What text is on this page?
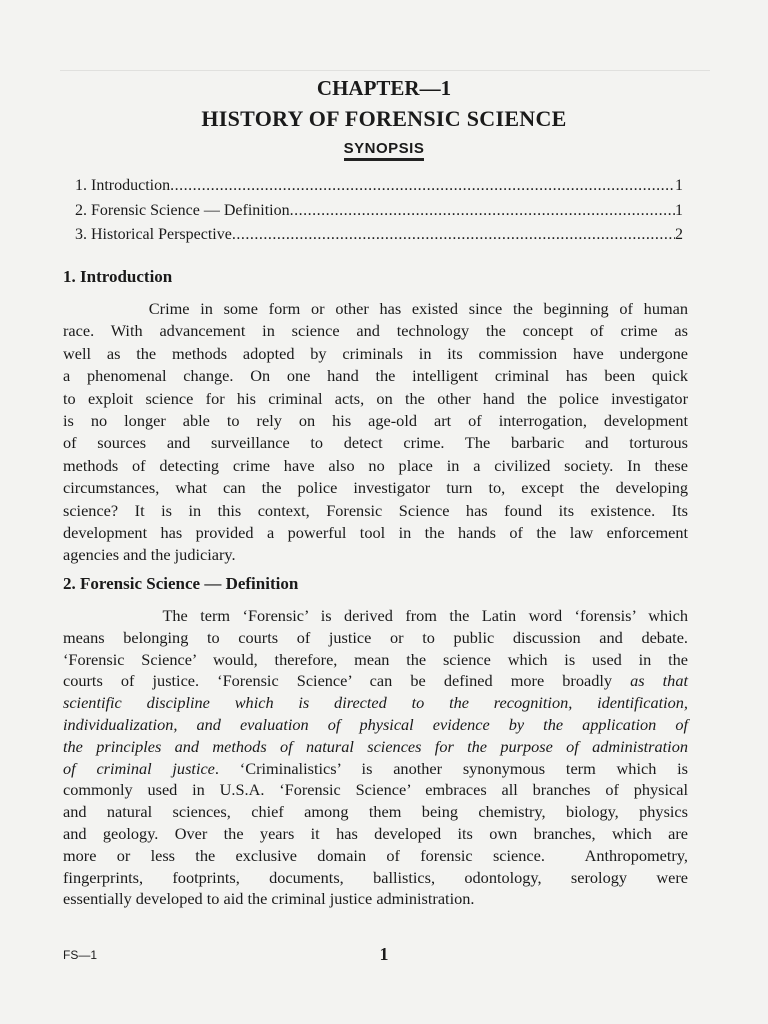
CHAPTER—1
HISTORY OF FORENSIC SCIENCE
SYNOPSIS
1. Introduction .....	1
2. Forensic Science — Definition .....	1
3. Historical Perspective .....	2
1. Introduction
Crime in some form or other has existed since the beginning of human
race. With advancement in science and technology the concept of crime as
well as the methods adopted by criminals in its commission have undergone
a phenomenal change. On one hand the intelligent criminal has been quick
to exploit science for his criminal acts, on the other hand the police investigator
is no longer able to rely on his age-old art of interrogation, development
of sources and surveillance to detect crime. The barbaric and torturous
methods of detecting crime have also no place in a civilized society. In these
circumstances, what can the police investigator turn to, except the developing
science? It is in this context, Forensic Science has found its existence. Its
development has provided a powerful tool in the hands of the law enforcement
agencies and the judiciary.
2. Forensic Science — Definition
The term ‘Forensic’ is derived from the Latin word ‘forensis’ which
means belonging to courts of justice or to public discussion and debate.
‘Forensic Science’ would, therefore, mean the science which is used in the
courts of justice. ‘Forensic Science’ can be defined more broadly as that
scientific discipline which is directed to the recognition, identification,
individualization, and evaluation of physical evidence by the application of
the principles and methods of natural sciences for the purpose of administration
of criminal justice. ‘Criminalistics’ is another synonymous term which is
commonly used in U.S.A. ‘Forensic Science’ embraces all branches of physical
and natural sciences, chief among them being chemistry, biology, physics
and geology. Over the years it has developed its own branches, which are
more or less the exclusive domain of forensic science.  Anthropometry,
fingerprints, footprints, documents, ballistics, odontology, serology were
essentially developed to aid the criminal justice administration.
FS—1	1
